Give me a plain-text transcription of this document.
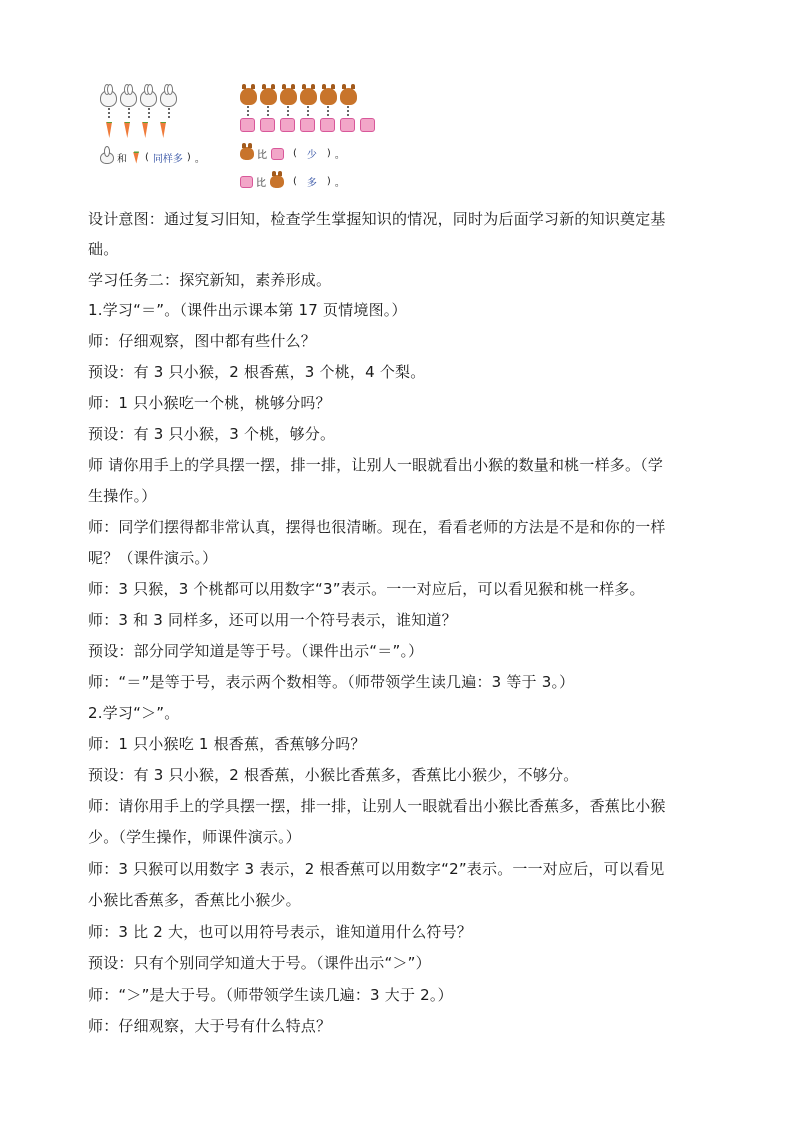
和 ( 同样多 ) 。	比	( 少 ) 。
比	( 多 ) 。

设计意图：通过复习旧知，检查学生掌握知识的情况，同时为后面学习新的知识奠定基

础。

学习任务二：探究新知，素养形成。

1.学习“＝”。（课件出示课本第 17 页情境图。）

师：仔细观察，图中都有些什么？

预设：有 3 只小猴，2 根香蕉，3 个桃，4 个梨。

师：1 只小猴吃一个桃，桃够分吗？

预设：有 3 只小猴，3 个桃，够分。

师 请你用手上的学具摆一摆，排一排，让别人一眼就看出小猴的数量和桃一样多。（学

生操作。）

师：同学们摆得都非常认真，摆得也很清晰。现在，看看老师的方法是不是和你的一样

呢？（课件演示。）

师：3 只猴，3 个桃都可以用数字“3”表示。一一对应后，可以看见猴和桃一样多。

师：3 和 3 同样多，还可以用一个符号表示，谁知道？

预设：部分同学知道是等于号。（课件出示“＝”。）

师：“＝”是等于号，表示两个数相等。（师带领学生读几遍：3 等于 3。）

2.学习“＞”。

师：1 只小猴吃 1 根香蕉，香蕉够分吗？

预设：有 3 只小猴，2 根香蕉，小猴比香蕉多，香蕉比小猴少，不够分。

师：请你用手上的学具摆一摆，排一排，让别人一眼就看出小猴比香蕉多，香蕉比小猴

少。（学生操作，师课件演示。）

师：3 只猴可以用数字 3 表示，2 根香蕉可以用数字“2”表示。一一对应后，可以看见

小猴比香蕉多，香蕉比小猴少。

师：3 比 2 大，也可以用符号表示，谁知道用什么符号？

预设：只有个别同学知道大于号。（课件出示“＞”）

师：“＞”是大于号。（师带领学生读几遍：3 大于 2。）

师：仔细观察，大于号有什么特点？
